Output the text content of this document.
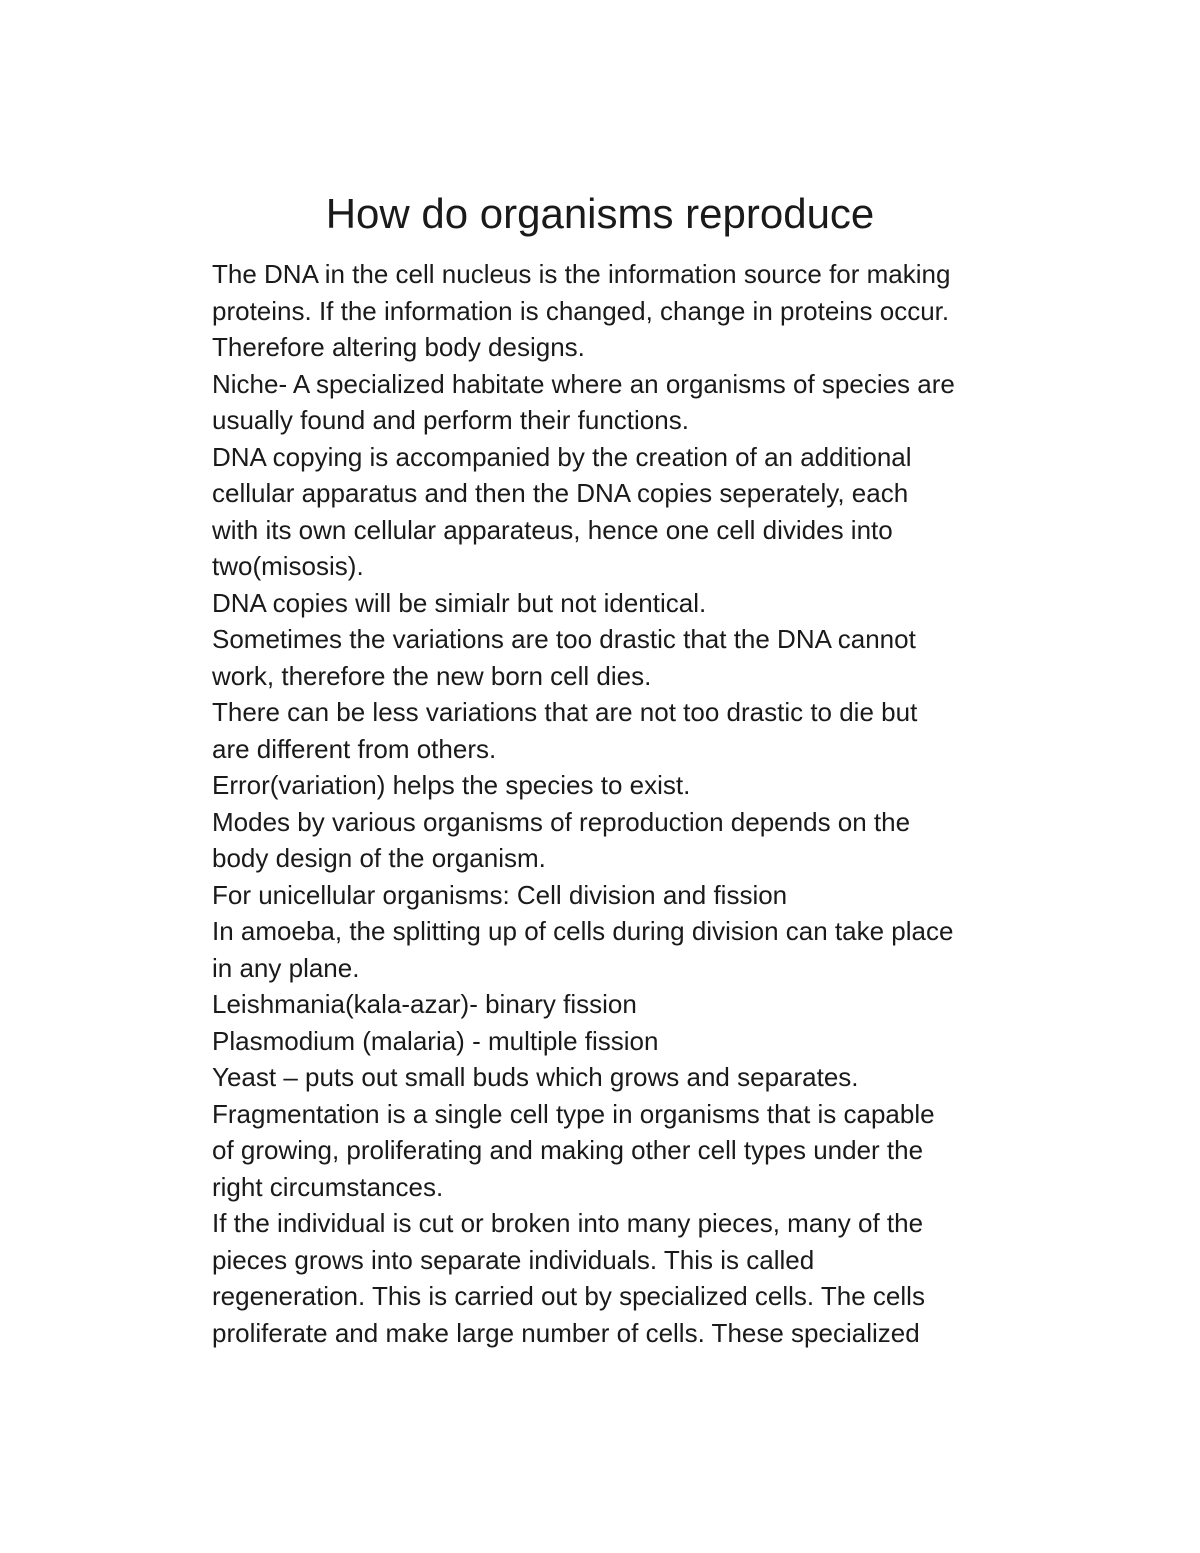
How do organisms reproduce

The DNA in the cell nucleus is the information source for making
proteins. If the information is changed, change in proteins occur.
Therefore altering body designs.

Niche- A specialized habitate where an organisms of species are
usually found and perform their functions.

DNA copying is accompanied by the creation of an additional
cellular apparatus and then the DNA copies seperately, each
with its own cellular apparateus, hence one cell divides into
two(misosis).

DNA copies will be simialr but not identical.

Sometimes the variations are too drastic that the DNA cannot
work, therefore the new born cell dies.

There can be less variations that are not too drastic to die but
are different from others.

Error(variation) helps the species to exist.

Modes by various organisms of reproduction depends on the
body design of the organism.

For unicellular organisms: Cell division and fission

In amoeba, the splitting up of cells during division can take place
in any plane.

Leishmania(kala-azar)- binary fission

Plasmodium (malaria) - multiple fission

Yeast – puts out small buds which grows and separates.

Fragmentation is a single cell type in organisms that is capable
of growing, proliferating and making other cell types under the
right circumstances.

If the individual is cut or broken into many pieces, many of the
pieces grows into separate individuals. This is called
regeneration. This is carried out by specialized cells. The cells
proliferate and make large number of cells. These specialized
